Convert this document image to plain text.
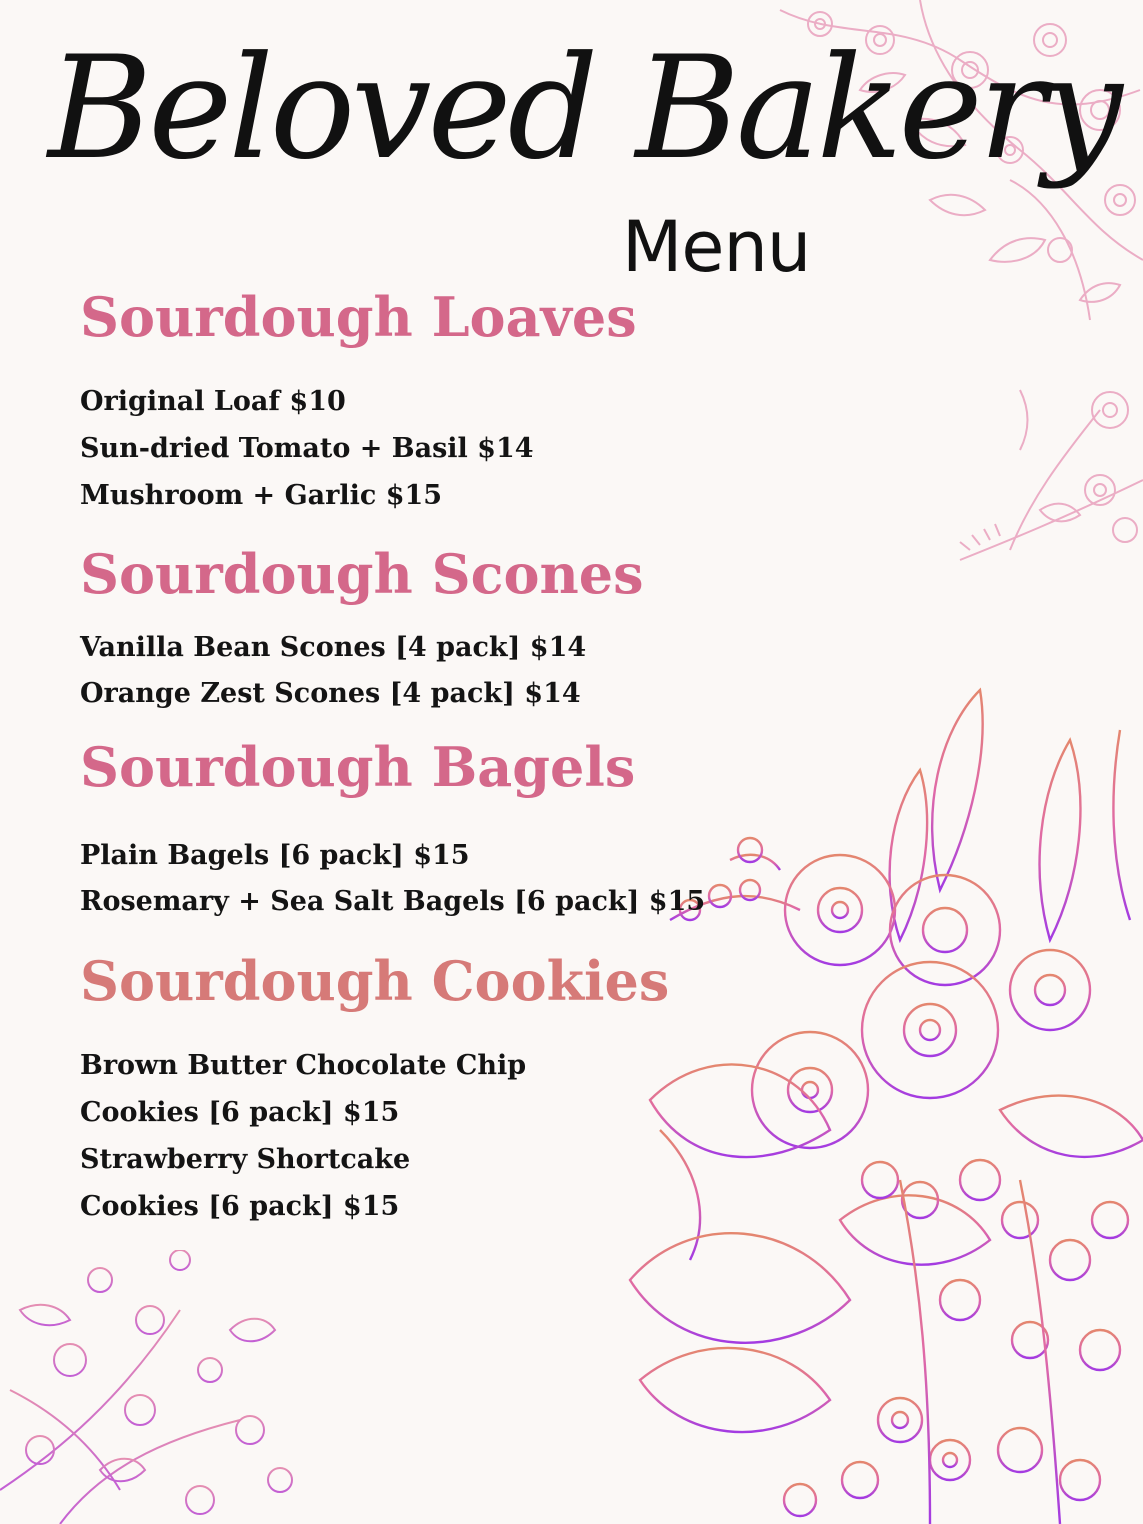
Beloved Bakery
Menu
Sourdough Loaves

Original Loaf $10

Sun-dried Tomato + Basil $14

Mushroom + Garlic $15

Sourdough Scones

Vanilla Bean Scones [4 pack] $14

Orange Zest Scones [4 pack] $14

Sourdough Bagels

Plain Bagels [6 pack] $15

Rosemary + Sea Salt Bagels [6 pack] $15

Sourdough Cookies

Brown Butter Chocolate Chip

Cookies [6 pack] $15

Strawberry Shortcake

Cookies [6 pack] $15
